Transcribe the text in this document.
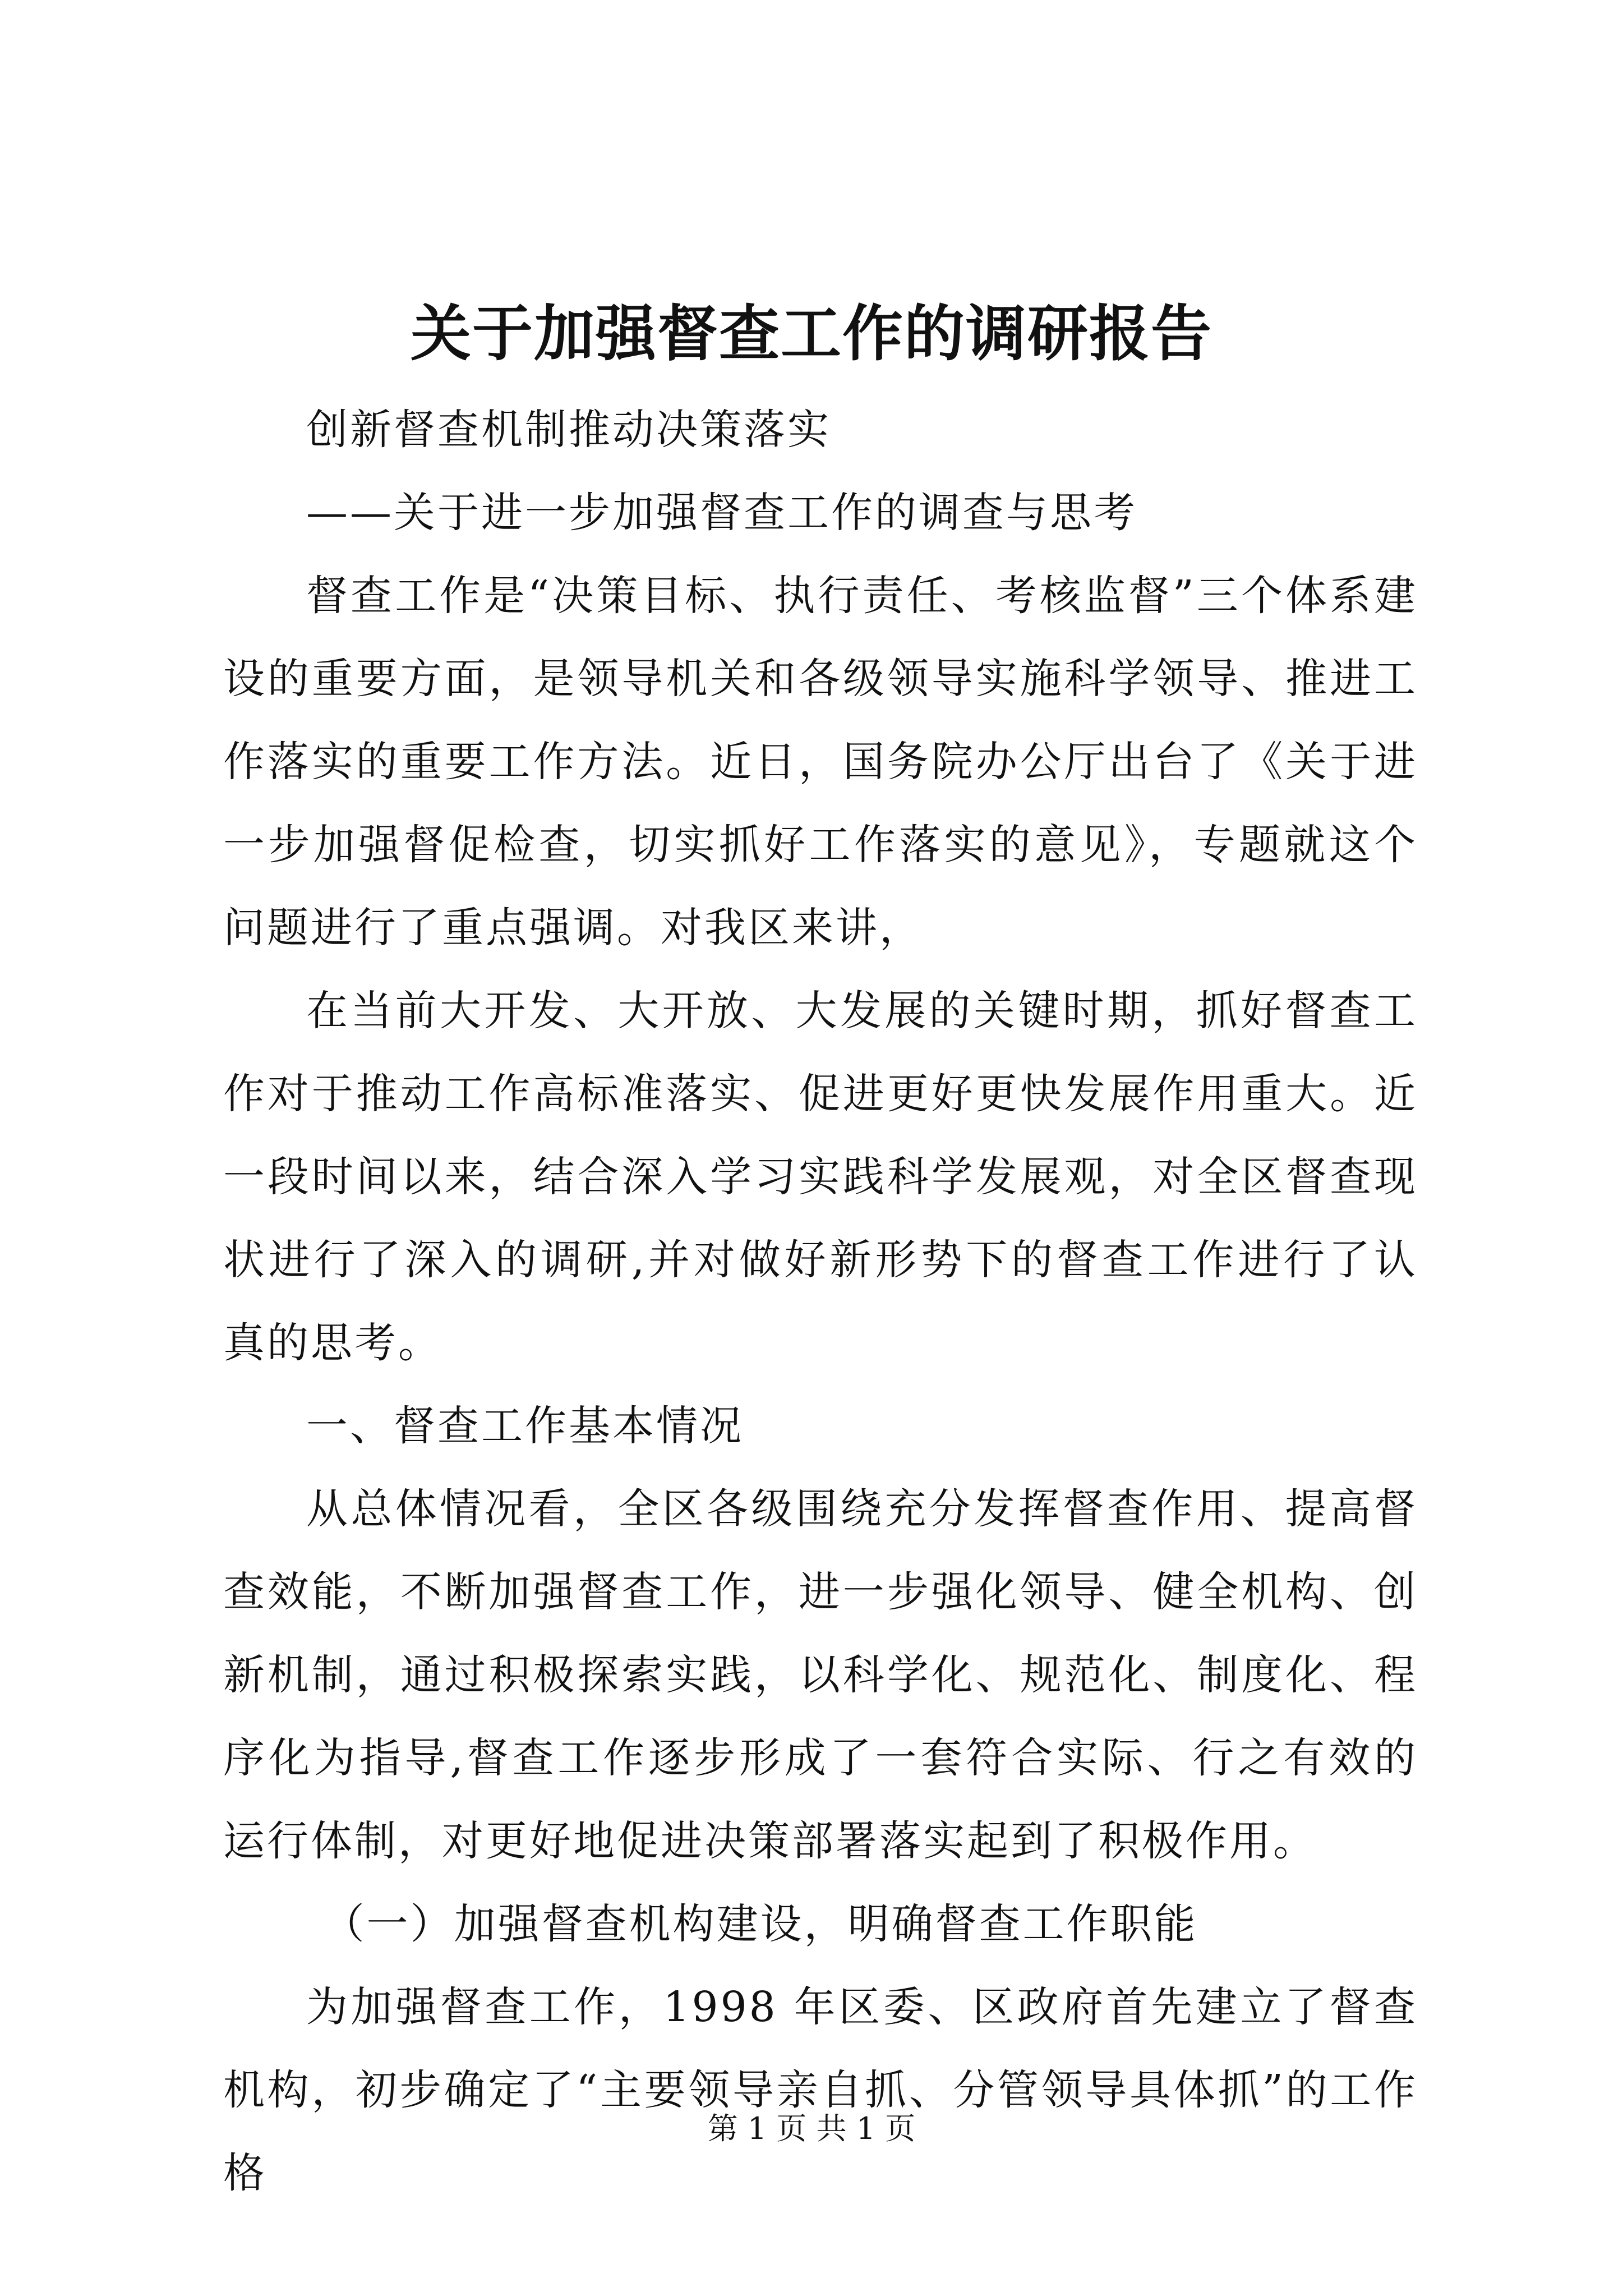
关于加强督查工作的调研报告

创新督查机制推动决策落实

——关于进一步加强督查工作的调查与思考

督查工作是“决策目标、执行责任、考核监督”三个体系建设的重要方面，是领导机关和各级领导实施科学领导、推进工作落实的重要工作方法。近日，国务院办公厅出台了《关于进一步加强督促检查，切实抓好工作落实的意见》，专题就这个问题进行了重点强调。对我区来讲，

在当前大开发、大开放、大发展的关键时期，抓好督查工作对于推动工作高标准落实、促进更好更快发展作用重大。近一段时间以来，结合深入学习实践科学发展观，对全区督查现状进行了深入的调研,并对做好新形势下的督查工作进行了认真的思考。

一、督查工作基本情况

从总体情况看，全区各级围绕充分发挥督查作用、提高督查效能，不断加强督查工作，进一步强化领导、健全机构、创新机制，通过积极探索实践，以科学化、规范化、制度化、程序化为指导,督查工作逐步形成了一套符合实际、行之有效的运行体制，对更好地促进决策部署落实起到了积极作用。

（一）加强督查机构建设，明确督查工作职能

为加强督查工作，1998 年区委、区政府首先建立了督查机构，初步确定了“主要领导亲自抓、分管领导具体抓”的工作格

第 1 页 共 1 页
